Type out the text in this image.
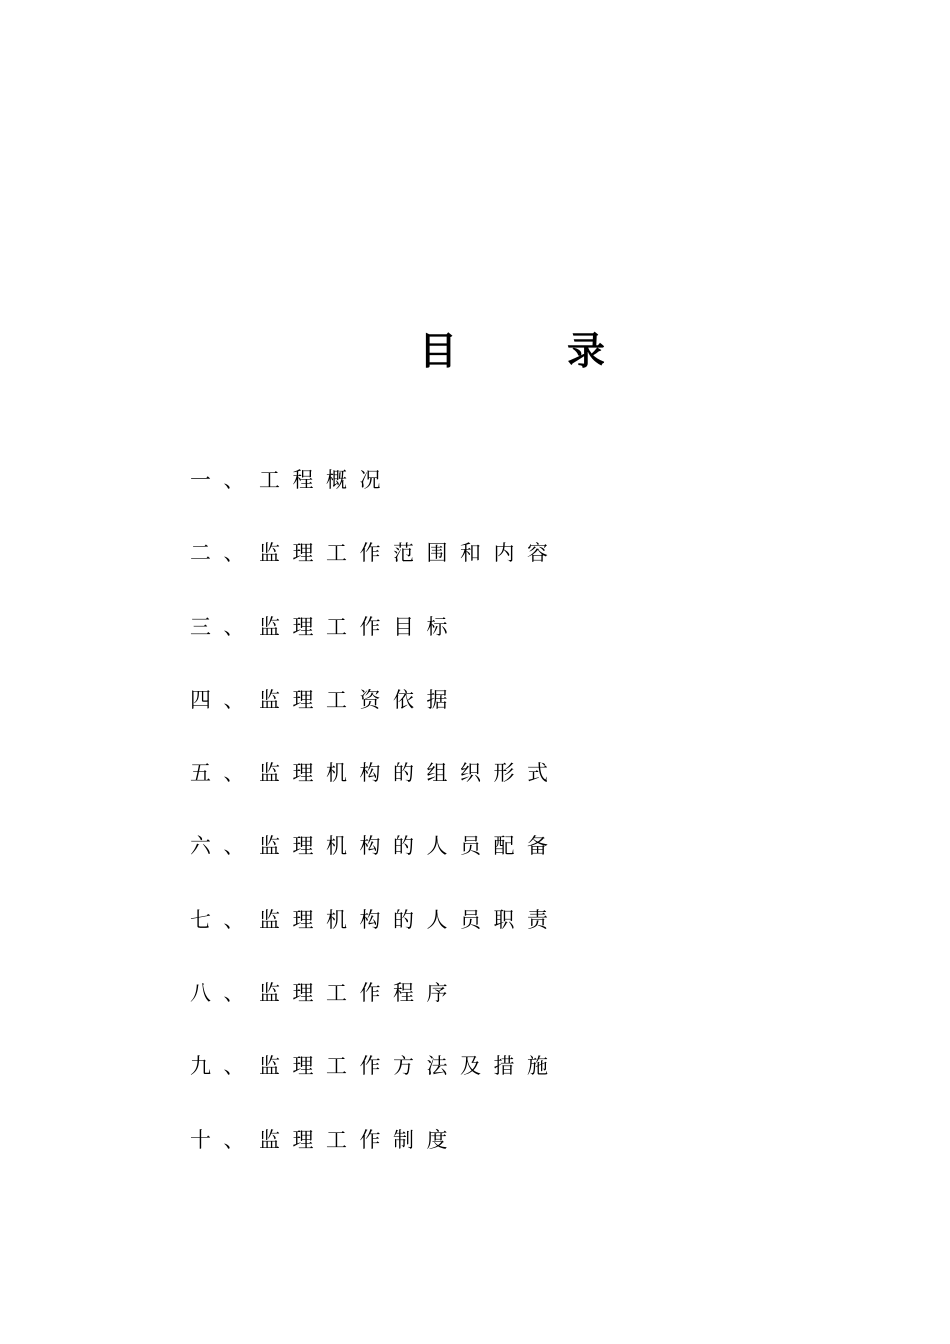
目	录
一、工程概况
二、监理工作范围和内容
三、监理工作目标
四、监理工资依据
五、监理机构的组织形式
六、监理机构的人员配备
七、监理机构的人员职责
八、监理工作程序
九、监理工作方法及措施
十、监理工作制度
